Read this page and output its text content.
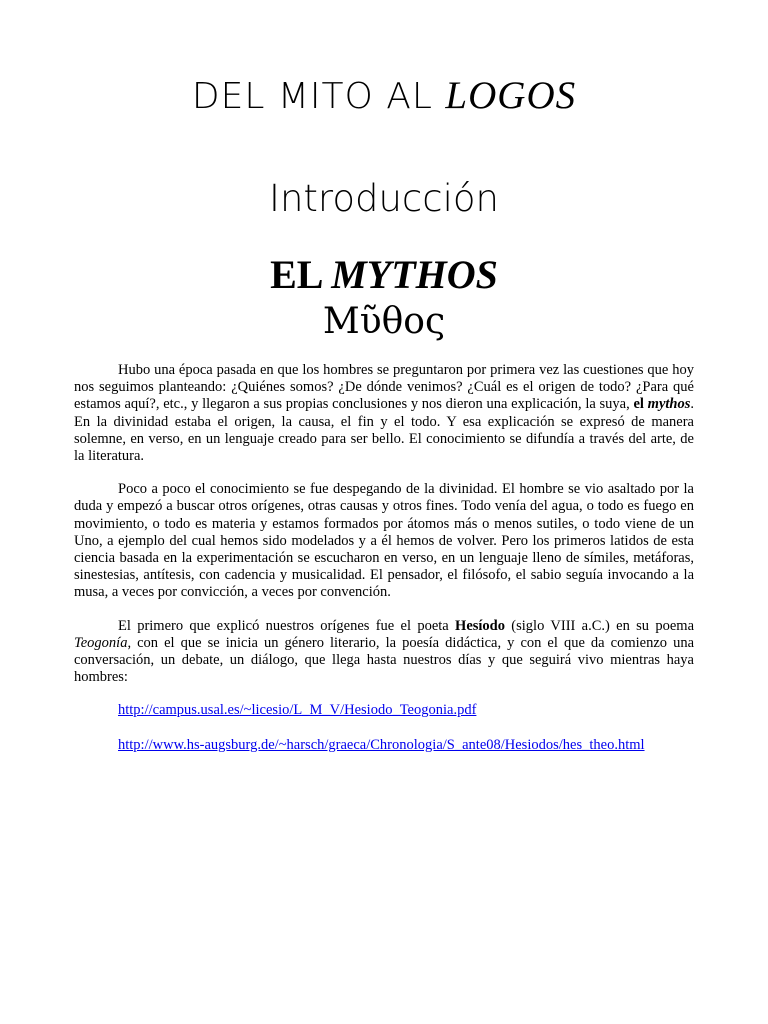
DEL MITO AL LOGOS
Introducción
EL MYTHOS
Μῦθος

Hubo una época pasada en que los hombres se preguntaron por primera vez las cuestiones que hoy nos seguimos planteando: ¿Quiénes somos? ¿De dónde venimos? ¿Cuál es el origen de todo? ¿Para qué estamos aquí?, etc., y llegaron a sus propias conclusiones y nos dieron una explicación, la suya, el mythos. En la divinidad estaba el origen, la causa, el fin y el todo. Y esa explicación se expresó de manera solemne, en verso, en un lenguaje creado para ser bello. El conocimiento se difundía a través del arte, de la literatura.

Poco a poco el conocimiento se fue despegando de la divinidad. El hombre se vio asaltado por la duda y empezó a buscar otros orígenes, otras causas y otros fines. Todo venía del agua, o todo es fuego en movimiento, o todo es materia y estamos formados por átomos más o menos sutiles, o todo viene de un Uno, a ejemplo del cual hemos sido modelados y a él hemos de volver. Pero los primeros latidos de esta ciencia basada en la experimentación se escucharon en verso, en un lenguaje lleno de símiles, metáforas, sinestesias, antítesis, con cadencia y musicalidad. El pensador, el filósofo, el sabio seguía invocando a la musa, a veces por convicción, a veces por convención.

El primero que explicó nuestros orígenes fue el poeta Hesíodo (siglo VIII a.C.) en su poema Teogonía, con el que se inicia un género literario, la poesía didáctica, y con el que da comienzo una conversación, un debate, un diálogo, que llega hasta nuestros días y que seguirá vivo mientras haya hombres:

http://campus.usal.es/~licesio/L_M_V/Hesiodo_Teogonia.pdf
http://www.hs-augsburg.de/~harsch/graeca/Chronologia/S_ante08/Hesiodos/hes_theo.html
